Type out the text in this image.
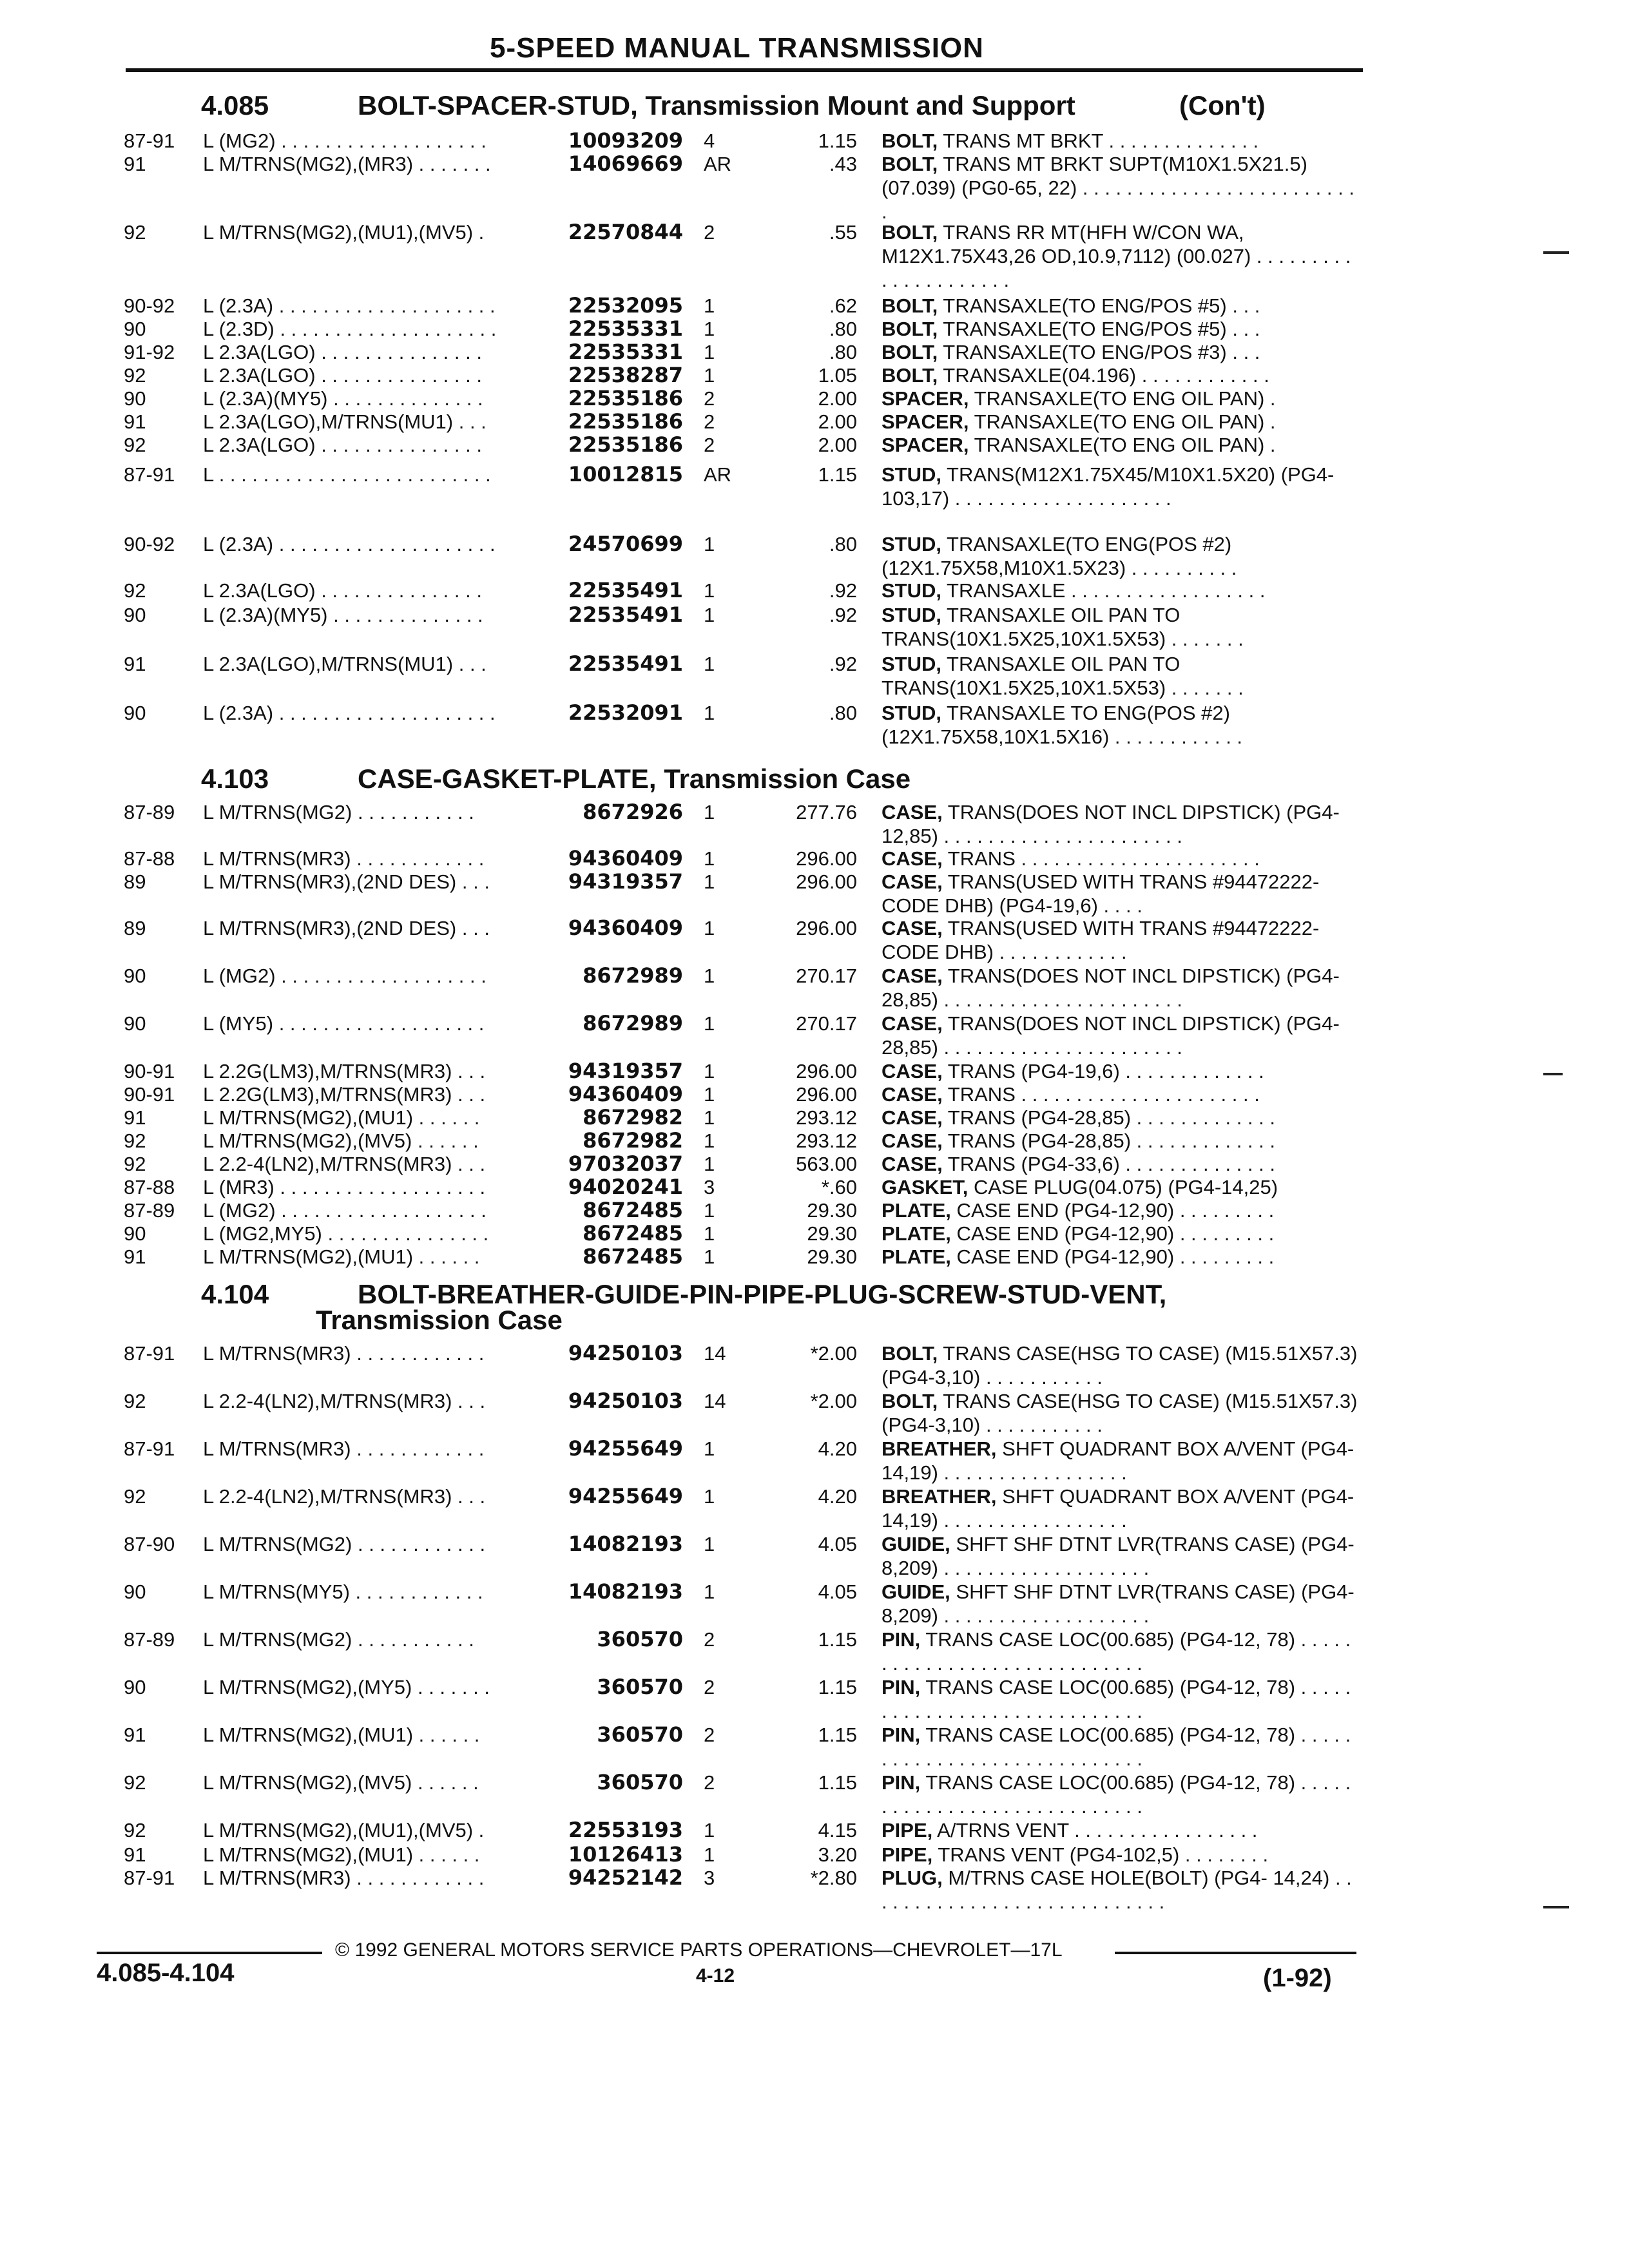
5-SPEED MANUAL TRANSMISSION
4.085	BOLT-SPACER-STUD, Transmission Mount and Support	(Con't)
87-91 L (MG2) . . . . . . . . . . . . . . . . . . .	10093209 4	1.15 BOLT, TRANS MT BRKT . . . . . . . . . . . . . .
91	L M/TRNS(MG2),(MR3) . . . . . . .	14069669 AR	.43 BOLT, TRANS MT BRKT SUPT(M10X1.5X21.5)(07.039) (PG0-65, 22) . . . . . . . . . . . . . . . . . . . . . . . . . .
92	L M/TRNS(MG2),(MU1),(MV5) .	22570844 2	.55 BOLT, TRANS RR MT(HFH W/CON WA, M12X1.75X43,26 OD,10.9,7112) (00.027) . . . . . . . . . . . . . . . . . . . . .
90-92 L (2.3A) . . . . . . . . . . . . . . . . . . . .	22532095 1	.62 BOLT, TRANSAXLE(TO ENG/POS #5) . . .
90	L (2.3D) . . . . . . . . . . . . . . . . . . . .	22535331 1	.80 BOLT, TRANSAXLE(TO ENG/POS #5) . . .
91-92 L 2.3A(LGO) . . . . . . . . . . . . . . .	22535331 1	.80 BOLT, TRANSAXLE(TO ENG/POS #3) . . .
92	L 2.3A(LGO) . . . . . . . . . . . . . . .	22538287 1	1.05 BOLT, TRANSAXLE(04.196) . . . . . . . . . . . .
90	L (2.3A)(MY5) . . . . . . . . . . . . . .	22535186 2	2.00 SPACER, TRANSAXLE(TO ENG OIL PAN) .
91	L 2.3A(LGO),M/TRNS(MU1) . . .	22535186 2	2.00 SPACER, TRANSAXLE(TO ENG OIL PAN) .
92	L 2.3A(LGO) . . . . . . . . . . . . . . .	22535186 2	2.00 SPACER, TRANSAXLE(TO ENG OIL PAN) .
87-91 L . . . . . . . . . . . . . . . . . . . . . . . . .	10012815 AR	1.15 STUD, TRANS(M12X1.75X45/M10X1.5X20) (PG4-103,17) . . . . . . . . . . . . . . . . . . . .
90-92 L (2.3A) . . . . . . . . . . . . . . . . . . . .	24570699 1	.80 STUD, TRANSAXLE(TO ENG(POS #2) (12X1.75X58,M10X1.5X23) . . . . . . . . . .
92	L 2.3A(LGO) . . . . . . . . . . . . . . .	22535491 1	.92 STUD, TRANSAXLE . . . . . . . . . . . . . . . . . .
90	L (2.3A)(MY5) . . . . . . . . . . . . . .	22535491 1	.92 STUD, TRANSAXLE OIL PAN TO TRANS(10X1.5X25,10X1.5X53) . . . . . . .
91	L 2.3A(LGO),M/TRNS(MU1) . . .	22535491 1	.92 STUD, TRANSAXLE OIL PAN TO TRANS(10X1.5X25,10X1.5X53) . . . . . . .
90	L (2.3A) . . . . . . . . . . . . . . . . . . . .	22532091 1	.80 STUD, TRANSAXLE TO ENG(POS #2) (12X1.75X58,10X1.5X16) . . . . . . . . . . . .
4.103	CASE-GASKET-PLATE, Transmission Case
87-89 L M/TRNS(MG2) . . . . . . . . . . .	8672926 1	277.76 CASE, TRANS(DOES NOT INCL DIPSTICK) (PG4-12,85) . . . . . . . . . . . . . . . . . . . . . .
87-88 L M/TRNS(MR3) . . . . . . . . . . . .	94360409 1	296.00 CASE, TRANS . . . . . . . . . . . . . . . . . . . . . .
89	L M/TRNS(MR3),(2ND DES) . . .	94319357 1	296.00 CASE, TRANS(USED WITH TRANS #94472222-CODE DHB) (PG4-19,6) . . . .
89	L M/TRNS(MR3),(2ND DES) . . .	94360409 1	296.00 CASE, TRANS(USED WITH TRANS #94472222-CODE DHB) . . . . . . . . . . . .
90	L (MG2) . . . . . . . . . . . . . . . . . . .	8672989 1	270.17 CASE, TRANS(DOES NOT INCL DIPSTICK) (PG4-28,85) . . . . . . . . . . . . . . . . . . . . . .
90	L (MY5) . . . . . . . . . . . . . . . . . . .	8672989 1	270.17 CASE, TRANS(DOES NOT INCL DIPSTICK) (PG4-28,85) . . . . . . . . . . . . . . . . . . . . . .
90-91 L 2.2G(LM3),M/TRNS(MR3) . . .	94319357 1	296.00 CASE, TRANS (PG4-19,6) . . . . . . . . . . . . .
90-91 L 2.2G(LM3),M/TRNS(MR3) . . .	94360409 1	296.00 CASE, TRANS . . . . . . . . . . . . . . . . . . . . . .
91	L M/TRNS(MG2),(MU1) . . . . . .	8672982 1	293.12 CASE, TRANS (PG4-28,85) . . . . . . . . . . . . .
92	L M/TRNS(MG2),(MV5) . . . . . .	8672982 1	293.12 CASE, TRANS (PG4-28,85) . . . . . . . . . . . . .
92	L 2.2-4(LN2),M/TRNS(MR3) . . .	97032037 1	563.00 CASE, TRANS (PG4-33,6) . . . . . . . . . . . . . .
87-88 L (MR3) . . . . . . . . . . . . . . . . . . .	94020241 3	*.60 GASKET, CASE PLUG(04.075) (PG4-14,25)
87-89 L (MG2) . . . . . . . . . . . . . . . . . . .	8672485 1	29.30 PLATE, CASE END (PG4-12,90) . . . . . . . . .
90	L (MG2,MY5) . . . . . . . . . . . . . . .	8672485 1	29.30 PLATE, CASE END (PG4-12,90) . . . . . . . . .
91	L M/TRNS(MG2),(MU1) . . . . . .	8672485 1	29.30 PLATE, CASE END (PG4-12,90) . . . . . . . . .
4.104	BOLT-BREATHER-GUIDE-PIN-PIPE-PLUG-SCREW-STUD-VENT,
Transmission Case
87-91 L M/TRNS(MR3) . . . . . . . . . . . .	94250103 14	*2.00 BOLT, TRANS CASE(HSG TO CASE) (M15.51X57.3) (PG4-3,10) . . . . . . . . . . .
92	L 2.2-4(LN2),M/TRNS(MR3) . . .	94250103 14	*2.00 BOLT, TRANS CASE(HSG TO CASE) (M15.51X57.3) (PG4-3,10) . . . . . . . . . . .
87-91 L M/TRNS(MR3) . . . . . . . . . . . .	94255649 1	4.20 BREATHER, SHFT QUADRANT BOX A/VENT (PG4-14,19) . . . . . . . . . . . . . . . . .
92	L 2.2-4(LN2),M/TRNS(MR3) . . .	94255649 1	4.20 BREATHER, SHFT QUADRANT BOX A/VENT (PG4-14,19) . . . . . . . . . . . . . . . . .
87-90 L M/TRNS(MG2) . . . . . . . . . . . .	14082193 1	4.05 GUIDE, SHFT SHF DTNT LVR(TRANS CASE) (PG4-8,209) . . . . . . . . . . . . . . . . . . .
90	L M/TRNS(MY5) . . . . . . . . . . . .	14082193 1	4.05 GUIDE, SHFT SHF DTNT LVR(TRANS CASE) (PG4-8,209) . . . . . . . . . . . . . . . . . . .
87-89 L M/TRNS(MG2) . . . . . . . . . . .	360570 2	1.15 PIN, TRANS CASE LOC(00.685) (PG4-12, 78) . . . . . . . . . . . . . . . . . . . . . . . . . . . . .
90	L M/TRNS(MG2),(MY5) . . . . . . .	360570 2	1.15 PIN, TRANS CASE LOC(00.685) (PG4-12, 78) . . . . . . . . . . . . . . . . . . . . . . . . . . . . .
91	L M/TRNS(MG2),(MU1) . . . . . .	360570 2	1.15 PIN, TRANS CASE LOC(00.685) (PG4-12, 78) . . . . . . . . . . . . . . . . . . . . . . . . . . . . .
92	L M/TRNS(MG2),(MV5) . . . . . .	360570 2	1.15 PIN, TRANS CASE LOC(00.685) (PG4-12, 78) . . . . . . . . . . . . . . . . . . . . . . . . . . . . .
92	L M/TRNS(MG2),(MU1),(MV5) .	22553193 1	4.15 PIPE, A/TRNS VENT . . . . . . . . . . . . . . . . .
91	L M/TRNS(MG2),(MU1) . . . . . .	10126413 1	3.20 PIPE, TRANS VENT (PG4-102,5) . . . . . . . .
87-91 L M/TRNS(MR3) . . . . . . . . . . . .	94252142 3	*2.80 PLUG, M/TRNS CASE HOLE(BOLT) (PG4- 14,24) . . . . . . . . . . . . . . . . . . . . . . . . . . . .
© 1992 GENERAL MOTORS SERVICE PARTS OPERATIONS—CHEVROLET—17L
4.085-4.104	4-12	(1-92)
